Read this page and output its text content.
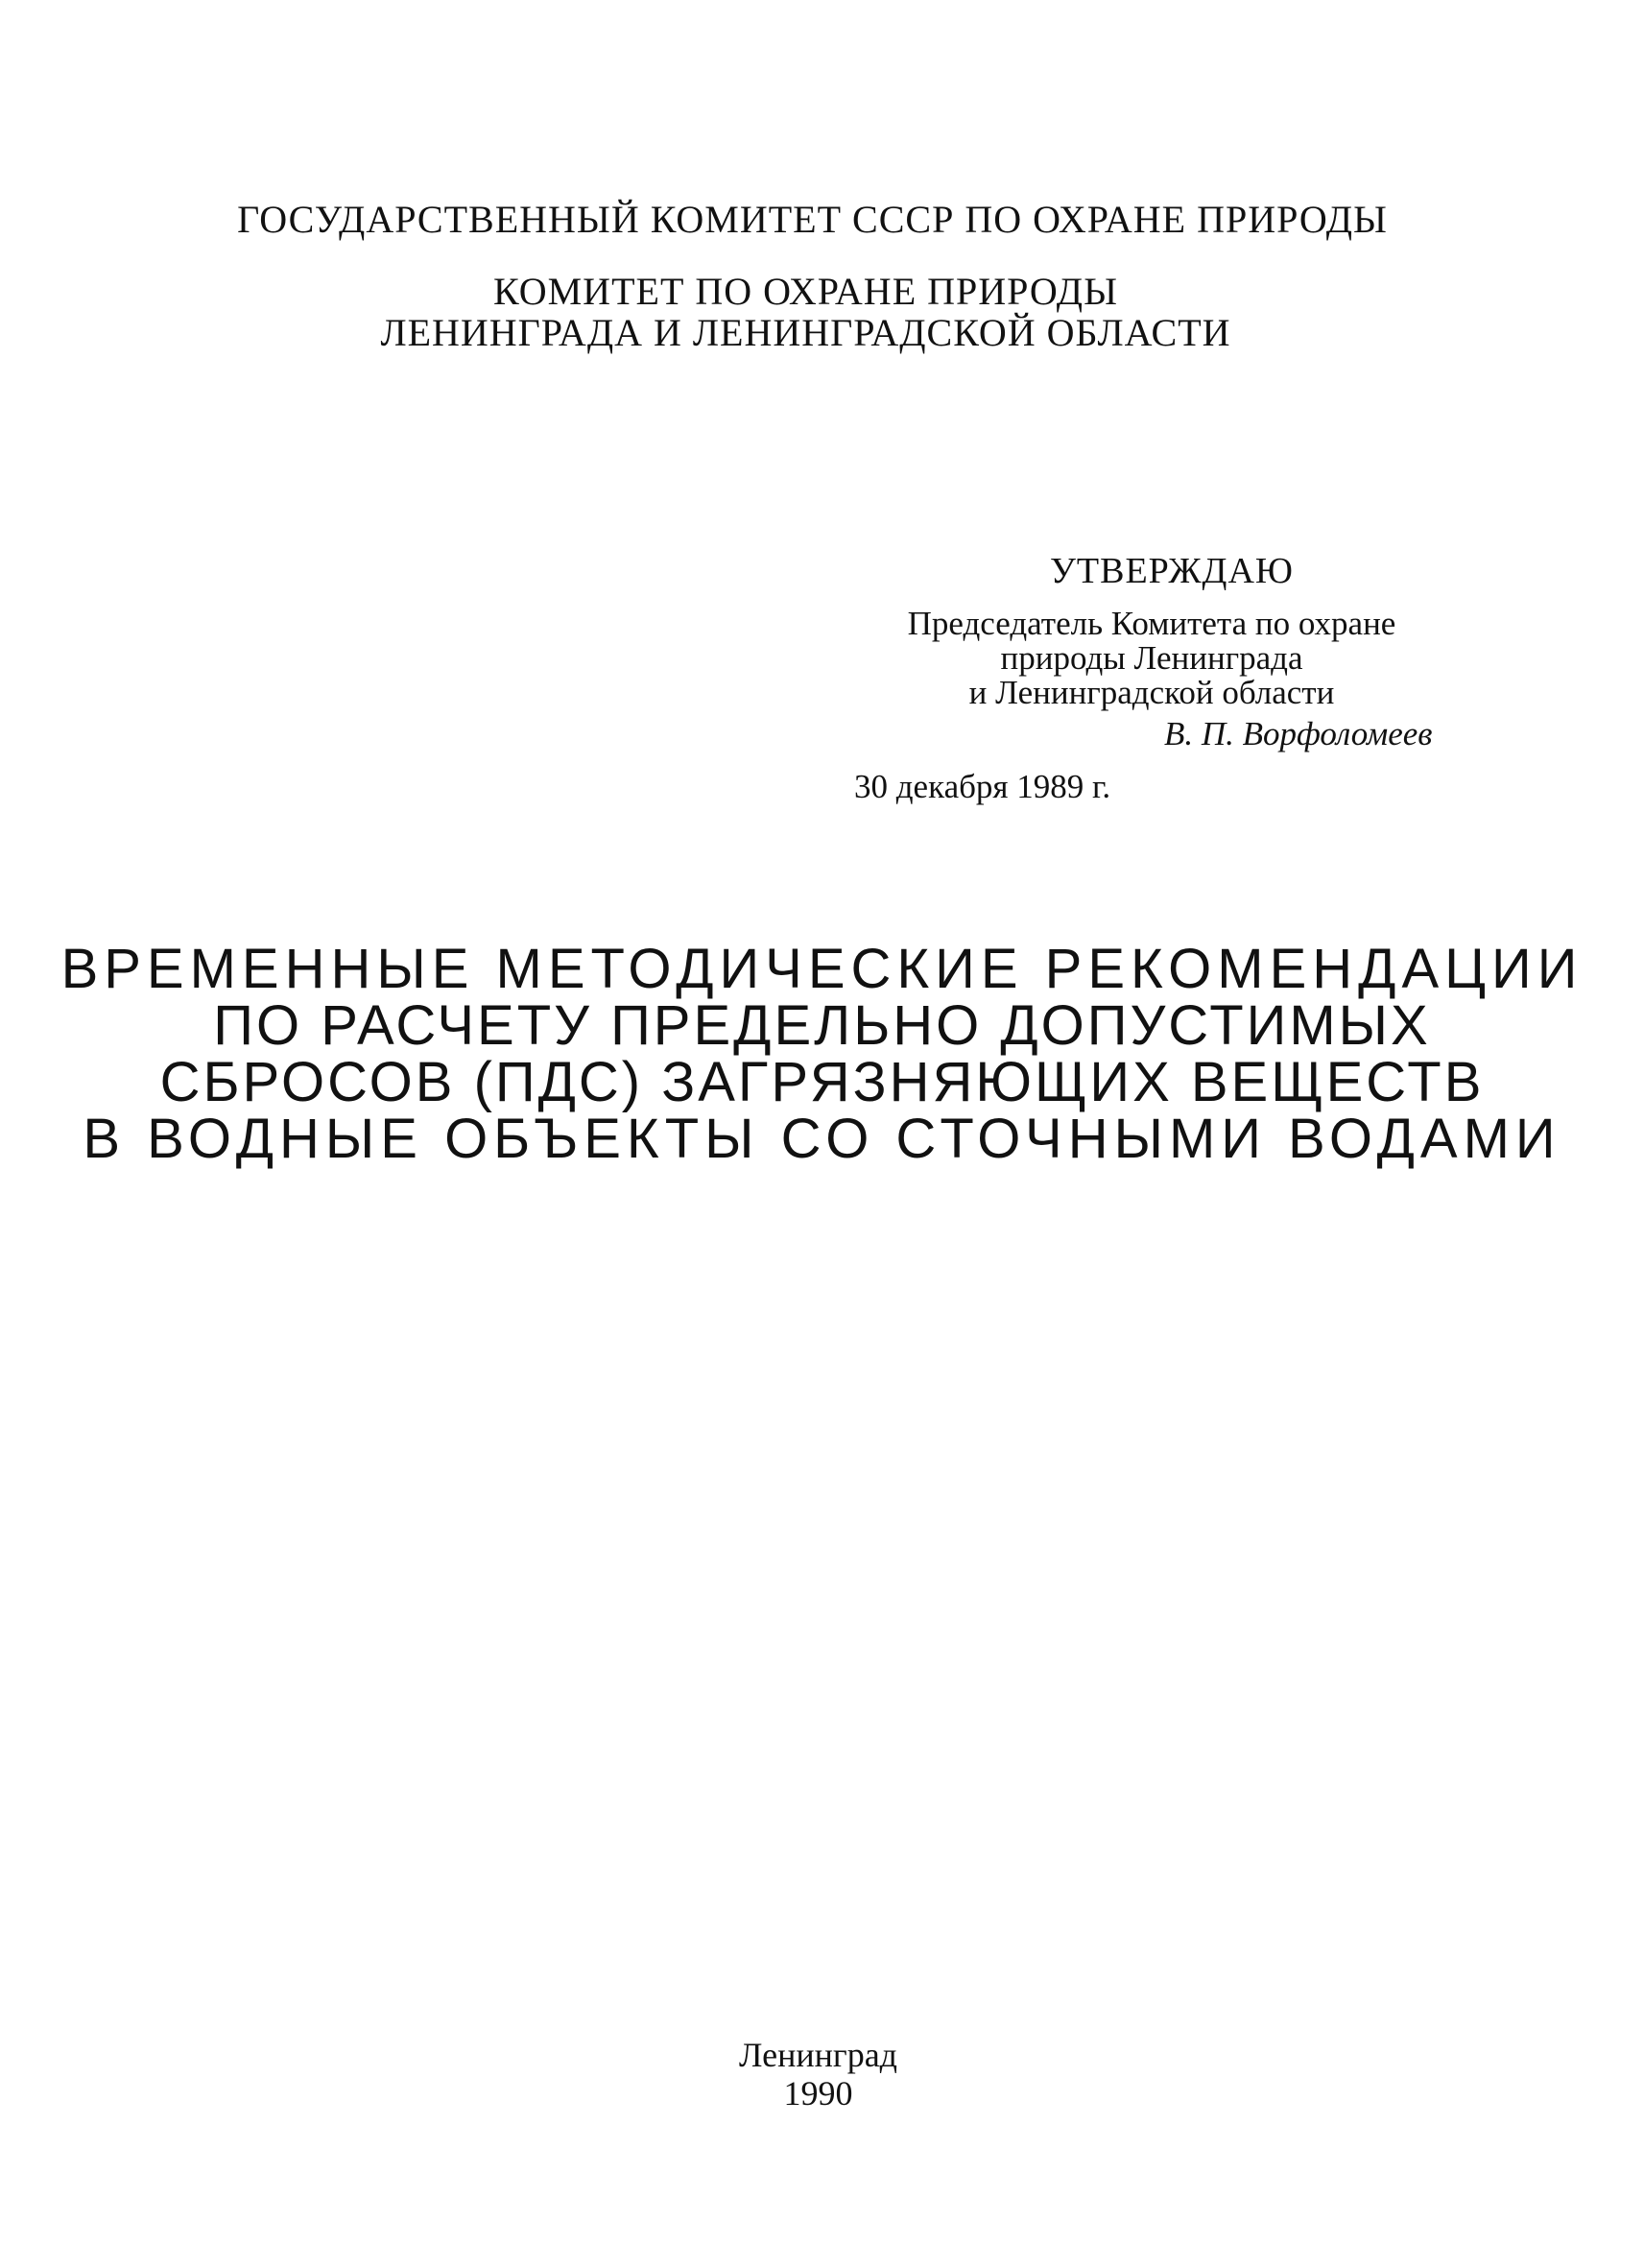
ГОСУДАРСТВЕННЫЙ КОМИТЕТ СССР ПО ОХРАНЕ ПРИРОДЫ
КОМИТЕТ ПО ОХРАНЕ ПРИРОДЫ
ЛЕНИНГРАДА И ЛЕНИНГРАДСКОЙ ОБЛАСТИ
УТВЕРЖДАЮ
Председатель Комитета по охране
природы Ленинграда
и Ленинградской области
В. П. Ворфоломеев
30 декабря 1989 г.
ВРЕМЕННЫЕ МЕТОДИЧЕСКИЕ РЕКОМЕНДАЦИИ
ПО РАСЧЕТУ ПРЕДЕЛЬНО ДОПУСТИМЫХ
СБРОСОВ (ПДС) ЗАГРЯЗНЯЮЩИХ ВЕЩЕСТВ
В ВОДНЫЕ ОБЪЕКТЫ СО СТОЧНЫМИ ВОДАМИ
Ленинград
1990
